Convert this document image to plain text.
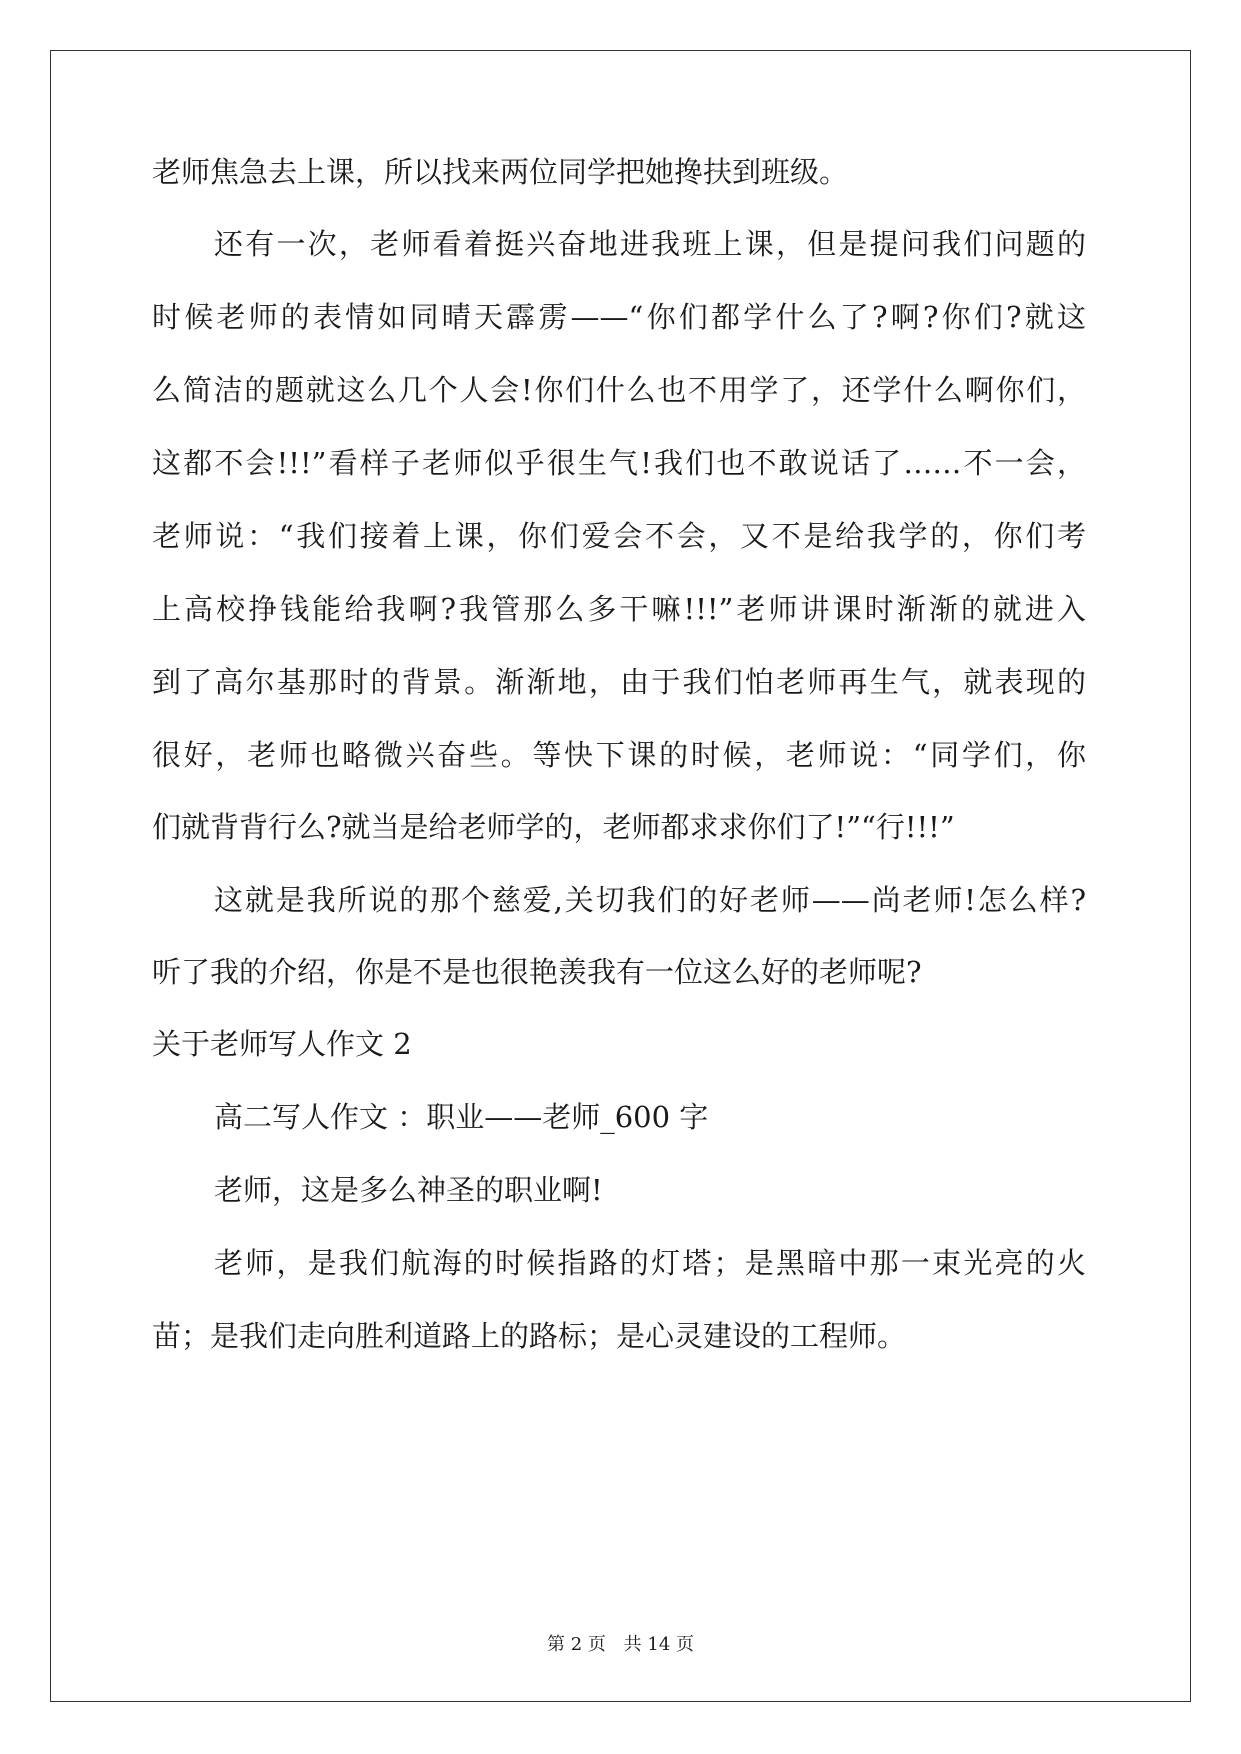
老师焦急去上课，所以找来两位同学把她搀扶到班级。
还有一次，老师看着挺兴奋地进我班上课，但是提问我们问题的
时候老师的表情如同晴天霹雳——“你们都学什么了?啊?你们?就这
么简洁的题就这么几个人会!你们什么也不用学了，还学什么啊你们，
这都不会!!!”看样子老师似乎很生气!我们也不敢说话了……不一会，
老师说：“我们接着上课，你们爱会不会，又不是给我学的，你们考
上高校挣钱能给我啊?我管那么多干嘛!!!”老师讲课时渐渐的就进入
到了高尔基那时的背景。渐渐地，由于我们怕老师再生气，就表现的
很好，老师也略微兴奋些。等快下课的时候，老师说：“同学们，你
们就背背行么?就当是给老师学的，老师都求求你们了!”“行!!!”
这就是我所说的那个慈爱,关切我们的好老师——尚老师!怎么样?
听了我的介绍，你是不是也很艳羡我有一位这么好的老师呢?
关于老师写人作文 2
高二写人作文 ：职业——老师_600 字
老师，这是多么神圣的职业啊!
老师，是我们航海的时候指路的灯塔；是黑暗中那一束光亮的火
苗；是我们走向胜利道路上的路标；是心灵建设的工程师。
第 2 页 共 14 页
